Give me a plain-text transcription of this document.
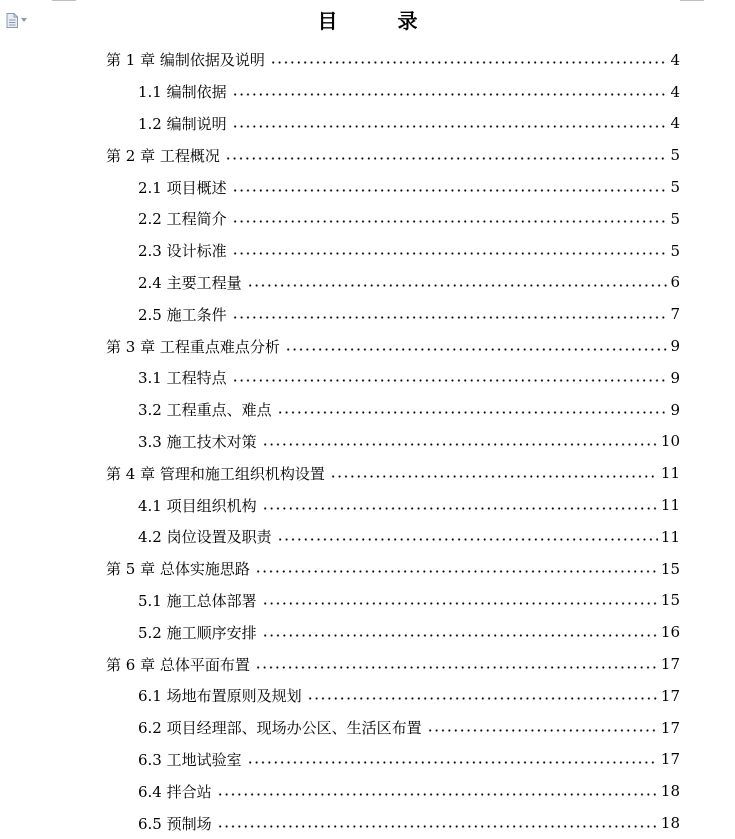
目　录
第 1 章 编制依据及说明	4
1.1 编制依据	4
1.2 编制说明	4
第 2 章 工程概况	5
2.1 项目概述	5
2.2 工程简介	5
2.3 设计标准	5
2.4 主要工程量	6
2.5 施工条件	7
第 3 章 工程重点难点分析	9
3.1 工程特点	9
3.2 工程重点、难点	9
3.3 施工技术对策	10
第 4 章 管理和施工组织机构设置	11
4.1 项目组织机构	11
4.2 岗位设置及职责	11
第 5 章 总体实施思路	15
5.1 施工总体部署	15
5.2 施工顺序安排	16
第 6 章 总体平面布置	17
6.1 场地布置原则及规划	17
6.2 项目经理部、现场办公区、生活区布置	17
6.3 工地试验室	17
6.4 拌合站	18
6.5 预制场	18
